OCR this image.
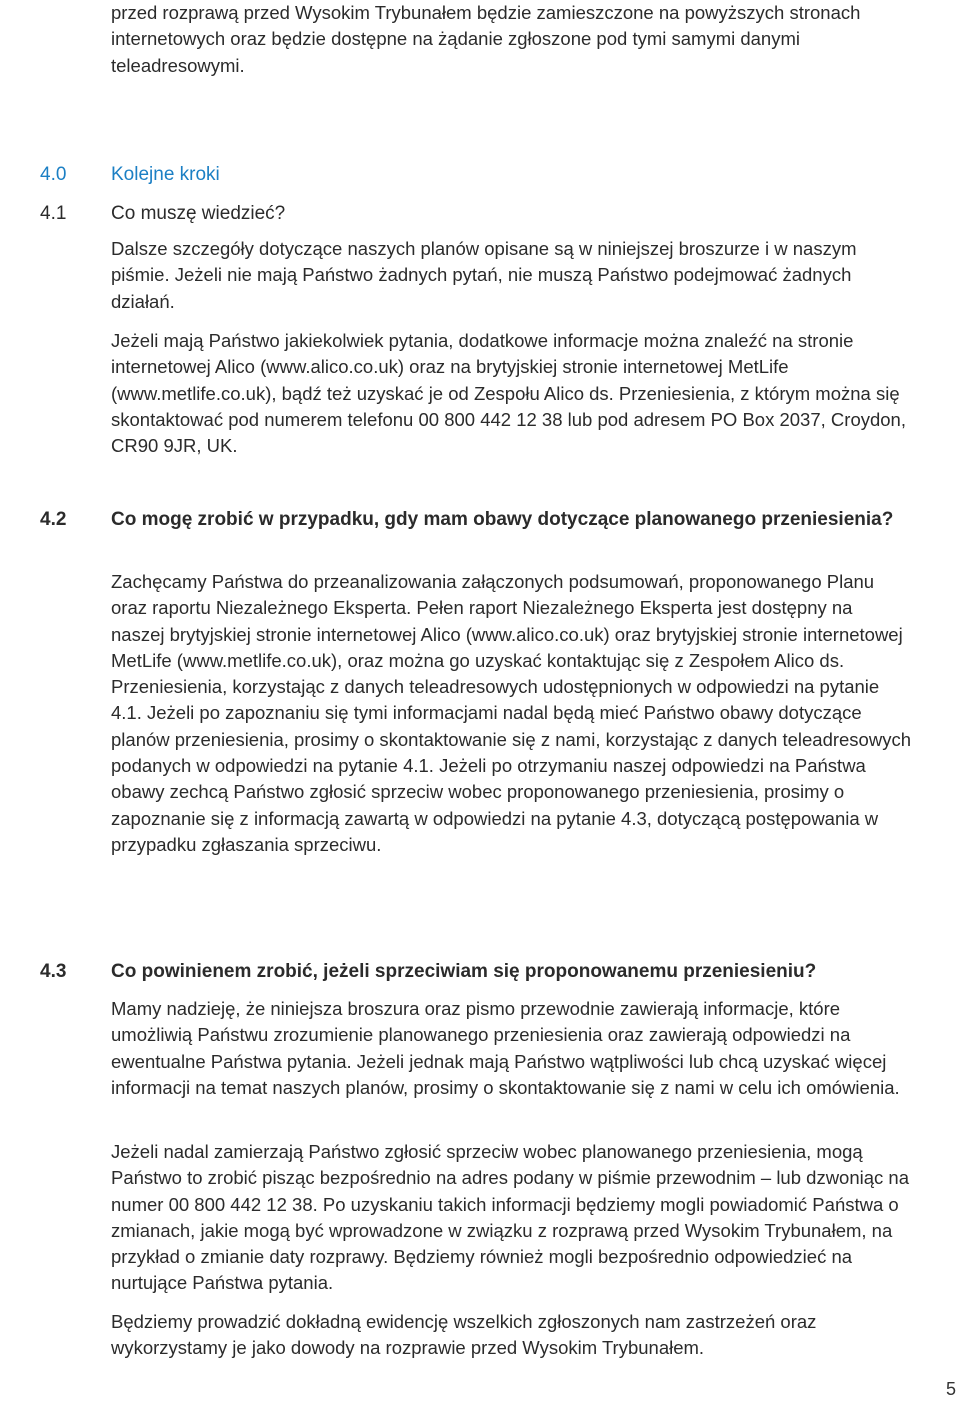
przed rozprawą przed Wysokim Trybunałem będzie zamieszczone na powyższych stronach internetowych oraz będzie dostępne na żądanie zgłoszone pod tymi samymi danymi teleadresowymi.

4.0 Kolejne kroki
4.1 Co muszę wiedzieć?

Dalsze szczegóły dotyczące naszych planów opisane są w niniejszej broszurze i w naszym piśmie. Jeżeli nie mają Państwo żadnych pytań, nie muszą Państwo podejmować żadnych działań.

Jeżeli mają Państwo jakiekolwiek pytania, dodatkowe informacje można znaleźć na stronie internetowej Alico (www.alico.co.uk) oraz na brytyjskiej stronie internetowej MetLife (www.metlife.co.uk), bądź też uzyskać je od Zespołu Alico ds. Przeniesienia, z którym można się skontaktować pod numerem telefonu 00 800 442 12 38 lub pod adresem PO Box 2037, Croydon, CR90 9JR, UK.

4.2 Co mogę zrobić w przypadku, gdy mam obawy dotyczące planowanego przeniesienia?

Zachęcamy Państwa do przeanalizowania załączonych podsumowań, proponowanego Planu oraz raportu Niezależnego Eksperta. Pełen raport Niezależnego Eksperta jest dostępny na naszej brytyjskiej stronie internetowej Alico (www.alico.co.uk) oraz brytyjskiej stronie internetowej MetLife (www.metlife.co.uk), oraz można go uzyskać kontaktując się z Zespołem Alico ds. Przeniesienia, korzystając z danych teleadresowych udostępnionych w odpowiedzi na pytanie 4.1. Jeżeli po zapoznaniu się tymi informacjami nadal będą mieć Państwo obawy dotyczące planów przeniesienia, prosimy o skontaktowanie się z nami, korzystając z danych teleadresowych podanych w odpowiedzi na pytanie 4.1. Jeżeli po otrzymaniu naszej odpowiedzi na Państwa obawy zechcą Państwo zgłosić sprzeciw wobec proponowanego przeniesienia, prosimy o zapoznanie się z informacją zawartą w odpowiedzi na pytanie 4.3, dotyczącą postępowania w przypadku zgłaszania sprzeciwu.

4.3 Co powinienem zrobić, jeżeli sprzeciwiam się proponowanemu przeniesieniu?

Mamy nadzieję, że niniejsza broszura oraz pismo przewodnie zawierają informacje, które umożliwią Państwu zrozumienie planowanego przeniesienia oraz zawierają odpowiedzi na ewentualne Państwa pytania. Jeżeli jednak mają Państwo wątpliwości lub chcą uzyskać więcej informacji na temat naszych planów, prosimy o skontaktowanie się z nami w celu ich omówienia.

Jeżeli nadal zamierzają Państwo zgłosić sprzeciw wobec planowanego przeniesienia, mogą Państwo to zrobić pisząc bezpośrednio na adres podany w piśmie przewodnim – lub dzwoniąc na numer 00 800 442 12 38. Po uzyskaniu takich informacji będziemy mogli powiadomić Państwa o zmianach, jakie mogą być wprowadzone w związku z rozprawą przed Wysokim Trybunałem, na przykład o zmianie daty rozprawy. Będziemy również mogli bezpośrednio odpowiedzieć na nurtujące Państwa pytania.

Będziemy prowadzić dokładną ewidencję wszelkich zgłoszonych nam zastrzeżeń oraz wykorzystamy je jako dowody na rozprawie przed Wysokim Trybunałem.

5
